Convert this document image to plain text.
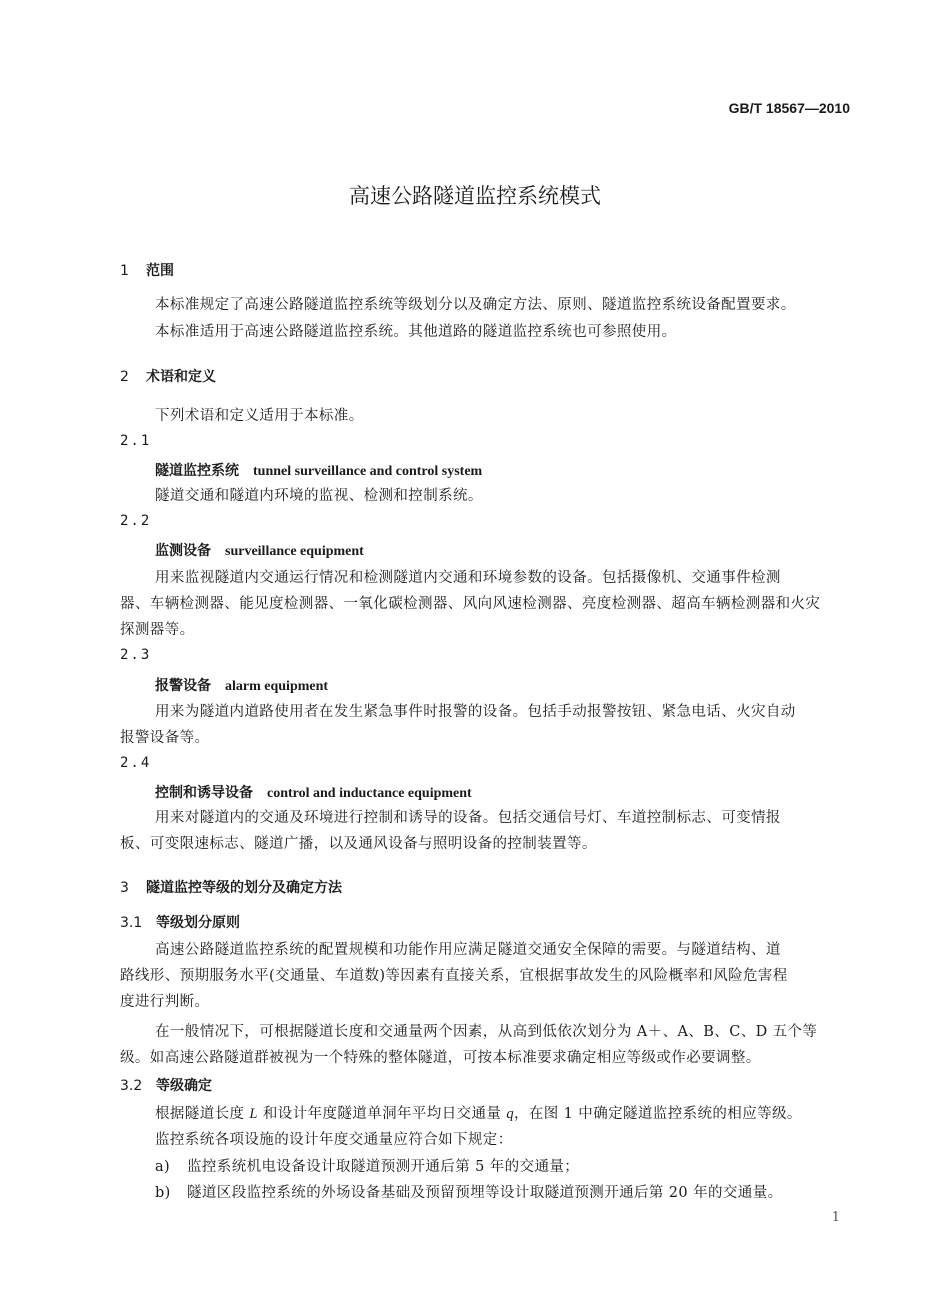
GB/T 18567—2010
高速公路隧道监控系统模式
1 范围
本标准规定了高速公路隧道监控系统等级划分以及确定方法、原则、隧道监控系统设备配置要求。
本标准适用于高速公路隧道监控系统。其他道路的隧道监控系统也可参照使用。
2 术语和定义
下列术语和定义适用于本标准。
2.1
隧道监控系统 tunnel surveillance and control system
隧道交通和隧道内环境的监视、检测和控制系统。
2.2
监测设备 surveillance equipment
用来监视隧道内交通运行情况和检测隧道内交通和环境参数的设备。包括摄像机、交通事件检测
器、车辆检测器、能见度检测器、一氧化碳检测器、风向风速检测器、亮度检测器、超高车辆检测器和火灾
探测器等。
2.3
报警设备 alarm equipment
用来为隧道内道路使用者在发生紧急事件时报警的设备。包括手动报警按钮、紧急电话、火灾自动
报警设备等。
2.4
控制和诱导设备 control and inductance equipment
用来对隧道内的交通及环境进行控制和诱导的设备。包括交通信号灯、车道控制标志、可变情报
板、可变限速标志、隧道广播，以及通风设备与照明设备的控制装置等。
3 隧道监控等级的划分及确定方法
3.1 等级划分原则
高速公路隧道监控系统的配置规模和功能作用应满足隧道交通安全保障的需要。与隧道结构、道
路线形、预期服务水平(交通量、车道数)等因素有直接关系，宜根据事故发生的风险概率和风险危害程
度进行判断。
在一般情况下，可根据隧道长度和交通量两个因素，从高到低依次划分为 A＋、A、B、C、D 五个等
级。如高速公路隧道群被视为一个特殊的整体隧道，可按本标准要求确定相应等级或作必要调整。
3.2 等级确定
根据隧道长度 L 和设计年度隧道单洞年平均日交通量 q，在图 1 中确定隧道监控系统的相应等级。
监控系统各项设施的设计年度交通量应符合如下规定：
a) 监控系统机电设备设计取隧道预测开通后第 5 年的交通量；
b) 隧道区段监控系统的外场设备基础及预留预埋等设计取隧道预测开通后第 20 年的交通量。
1
